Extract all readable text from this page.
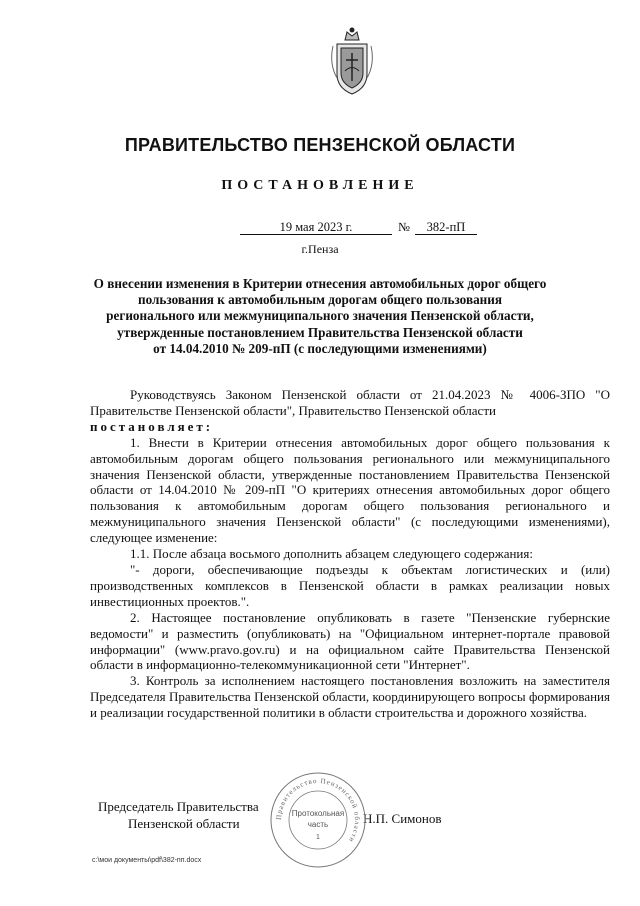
ПРАВИТЕЛЬСТВО ПЕНЗЕНСКОЙ ОБЛАСТИ
ПОСТАНОВЛЕНИЕ
19 мая 2023 г.	№	382-пП
г.Пенза
О внесении изменения в Критерии отнесения автомобильных дорог общего
пользования к автомобильным дорогам общего пользования
регионального или межмуниципального значения Пензенской области,
утвержденные постановлением Правительства Пензенской области
от 14.04.2010 № 209-пП (с последующими изменениями)

Руководствуясь Законом Пензенской области от 21.04.2023 № 4006-ЗПО "О Правительстве Пензенской области", Правительство Пензенской области

постановляет:

1. Внести в Критерии отнесения автомобильных дорог общего пользования к автомобильным дорогам общего пользования регионального или межмуниципального значения Пензенской области, утвержденные постановлением Правительства Пензенской области от 14.04.2010 № 209-пП "О критериях отнесения автомобильных дорог общего пользования к автомобильным дорогам общего пользования регионального и межмуниципального значения Пензенской области" (с последующими изменениями), следующее изменение:

1.1. После абзаца восьмого дополнить абзацем следующего содержания:

"- дороги, обеспечивающие подъезды к объектам логистических и (или) производственных комплексов в Пензенской области в рамках реализации новых инвестиционных проектов.".

2. Настоящее постановление опубликовать в газете "Пензенские губернские ведомости" и разместить (опубликовать) на "Официальном интернет-портале правовой информации" (www.pravo.gov.ru) и на официальном сайте Правительства Пензенской области в информационно-телекоммуникационной сети "Интернет".

3. Контроль за исполнением настоящего постановления возложить на заместителя Председателя Правительства Пензенской области, координирующего вопросы формирования и реализации государственной политики в области строительства и дорожного хозяйства.

Председатель Правительства
Пензенской области	Н.П. Симонов
Правительство Пензенской области
Протокольная
часть
1
c:\мои документы\pdf\382-пп.docx
